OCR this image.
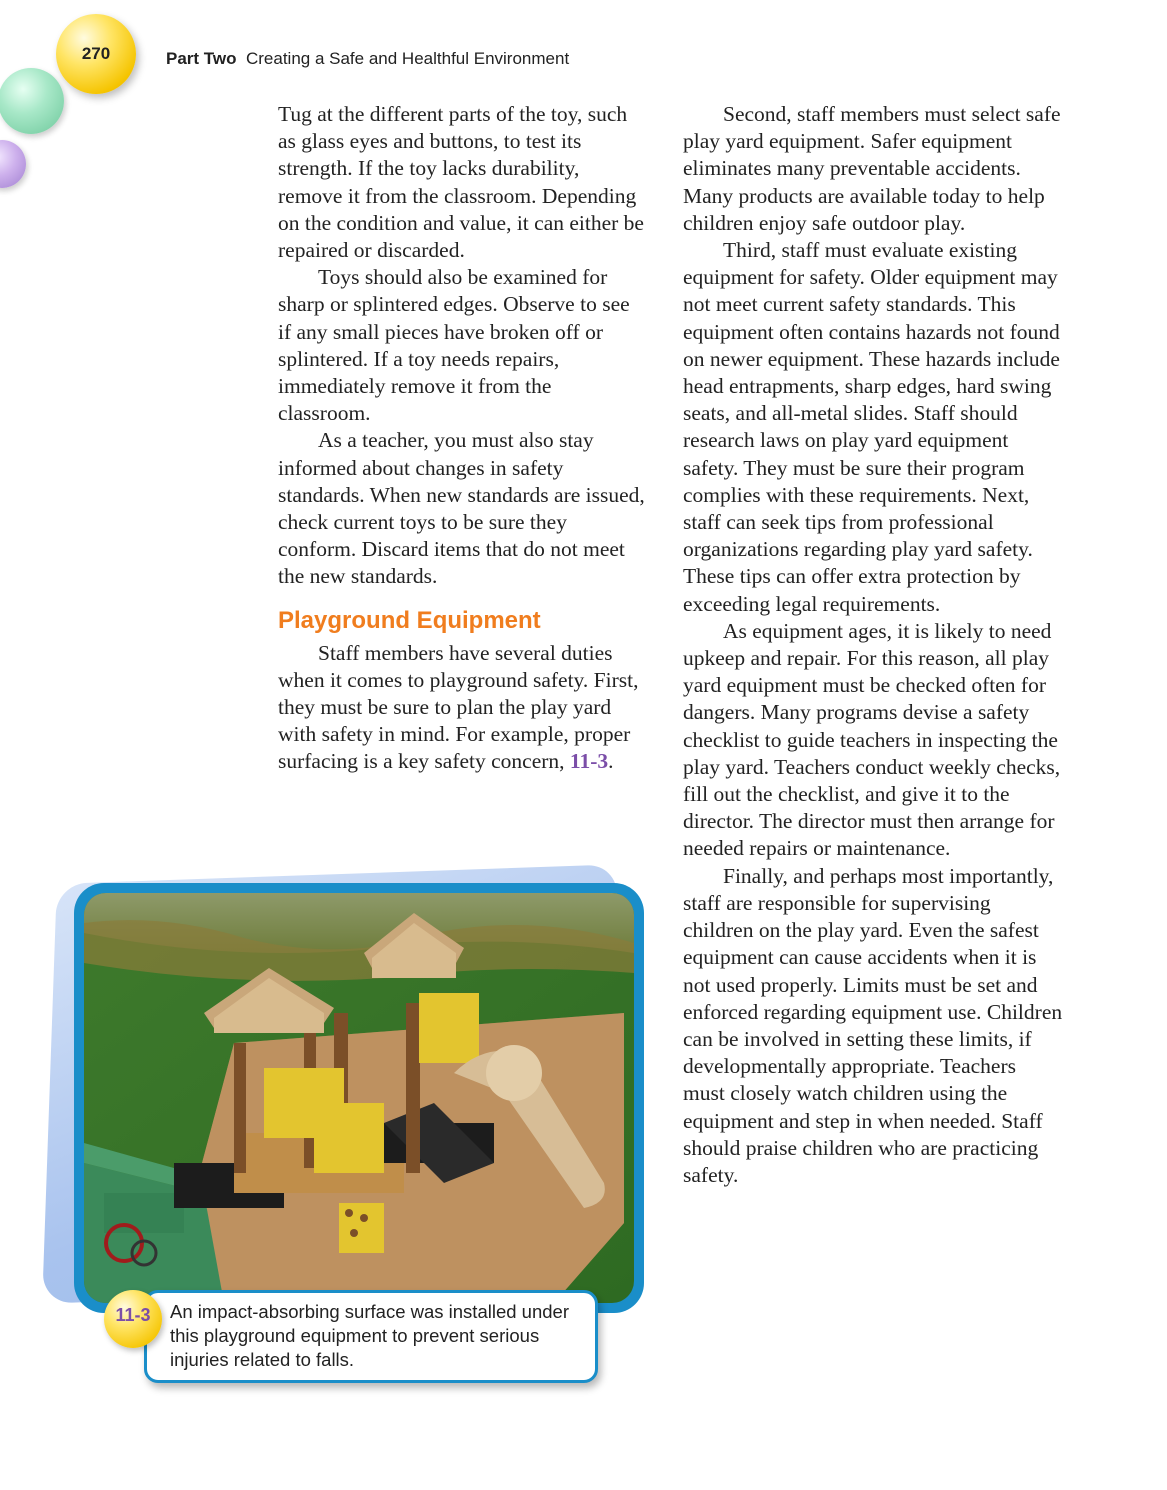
270	Part Two Creating a Safe and Healthful Environment

Tug at the different parts of the toy, such as glass eyes and buttons, to test its strength. If the toy lacks durability, remove it from the classroom. Depending on the condition and value, it can either be repaired or discarded.

Toys should also be examined for sharp or splintered edges. Observe to see if any small pieces have broken off or splintered. If a toy needs repairs, immediately remove it from the classroom.

As a teacher, you must also stay informed about changes in safety standards. When new standards are issued, check current toys to be sure they conform. Discard items that do not meet the new standards.

Playground Equipment

Staff members have several duties when it comes to playground safety. First, they must be sure to plan the play yard with safety in mind. For example, proper surfacing is a key safety concern, 11-3.

Second, staff members must select safe play yard equipment. Safer equipment eliminates many preventable accidents. Many products are available today to help children enjoy safe outdoor play.

Third, staff must evaluate existing equipment for safety. Older equipment may not meet current safety standards. This equipment often contains hazards not found on newer equipment. These hazards include head entrapments, sharp edges, hard swing seats, and all-metal slides. Staff should research laws on play yard equipment safety. They must be sure their program complies with these requirements. Next, staff can seek tips from professional organizations regarding play yard safety. These tips can offer extra protection by exceeding legal requirements.

As equipment ages, it is likely to need upkeep and repair. For this reason, all play yard equipment must be checked often for dangers. Many programs devise a safety checklist to guide teachers in inspecting the play yard. Teachers conduct weekly checks, fill out the checklist, and give it to the director. The director must then arrange for needed repairs or maintenance.

Finally, and perhaps most importantly, staff are responsible for supervising children on the play yard. Even the safest equipment can cause accidents when it is not used properly. Limits must be set and enforced regarding equipment use. Children can be involved in setting these limits, if developmentally appropriate. Teachers must closely watch children using the equipment and step in when needed. Staff should praise children who are practicing safety.

11-3	An impact-absorbing surface was installed under this playground equipment to prevent serious injuries related to falls.
